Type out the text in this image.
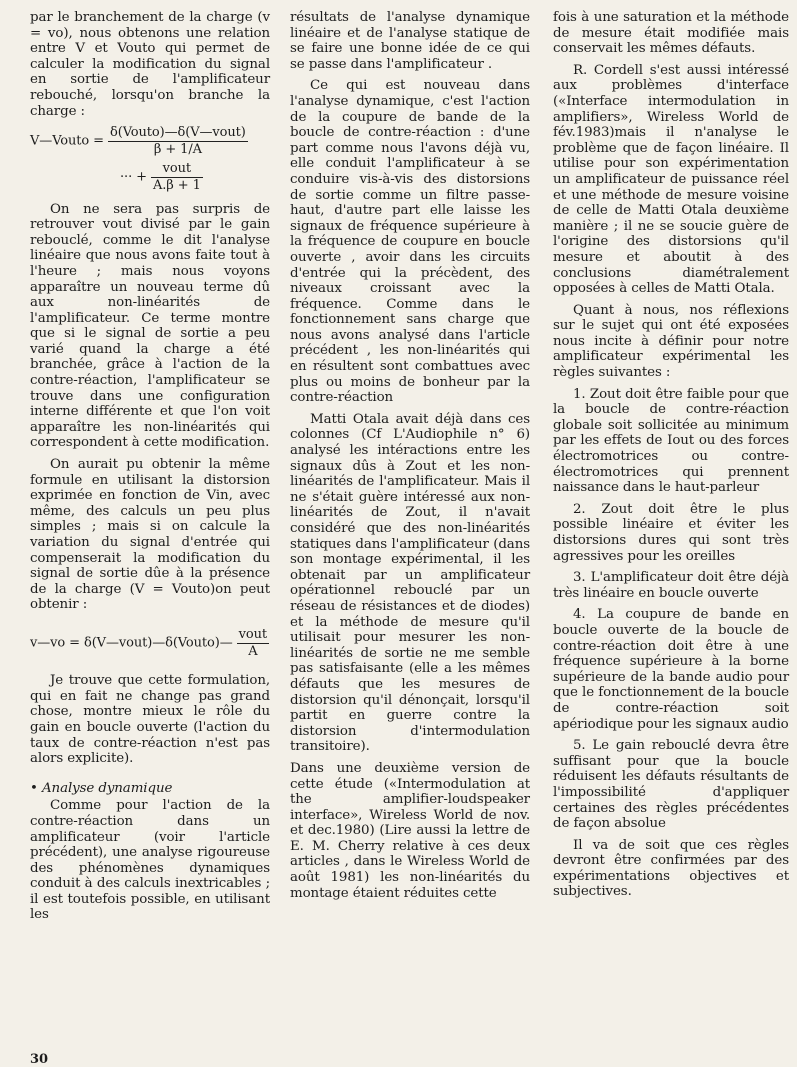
par le branchement de la charge (v = vo), nous obtenons une relation entre V et Vouto qui permet de calculer la modification du signal en sortie de l'amplificateur rebouché, lorsqu'on branche la charge :

V—Vouto = $\frac{\text{δ(Vouto)—δ(V—vout)}}{\beta + 1/A}$
··· + $\frac{\text{vout}}{A.\beta + 1}$

On ne sera pas surpris de retrouver vout divisé par le gain rebouclé, comme le dit l'analyse linéaire que nous avons faite tout à l'heure ; mais nous voyons apparaître un nouveau terme dû aux non-linéarités de l'amplificateur. Ce terme montre que si le signal de sortie a peu varié quand la charge a été branchée, grâce à l'action de la contre-réaction, l'amplificateur se trouve dans une configuration interne différente et que l'on voit apparaître les non-linéarités qui correspondent à cette modification.

On aurait pu obtenir la même formule en utilisant la distorsion exprimée en fonction de Vin, avec même, des calculs un peu plus simples ; mais si on calcule la variation du signal d'entrée qui compenserait la modification du signal de sortie dûe à la présence de la charge (V = Vouto)on peut obtenir :

v—vo = δ(V—vout)—δ(Vouto)— $\frac{\text{vout}}{A}$

Je trouve que cette formulation, qui en fait ne change pas grand chose, montre mieux le rôle du gain en boucle ouverte (l'action du taux de contre-réaction n'est pas alors explicite).

• Analyse dynamique

Comme pour l'action de la contre-réaction dans un amplificateur (voir l'article précédent), une analyse rigoureuse des phénomènes dynamiques conduit à des calculs inextricables ; il est toutefois possible, en utilisant les

résultats de l'analyse dynamique linéaire et de l'analyse statique de se faire une bonne idée de ce qui se passe dans l'amplificateur .

Ce qui est nouveau dans l'analyse dynamique, c'est l'action de la coupure de bande de la boucle de contre-réaction : d'une part comme nous l'avons déjà vu, elle conduit l'amplificateur à se conduire vis-à-vis des distorsions de sortie comme un filtre passe-haut, d'autre part elle laisse les signaux de fréquence supérieure à la fréquence de coupure en boucle ouverte , avoir dans les circuits d'entrée qui la précèdent, des niveaux croissant avec la fréquence. Comme dans le fonctionnement sans charge que nous avons analysé dans l'article précédent , les non-linéarités qui en résultent sont combattues avec plus ou moins de bonheur par la contre-réaction

Matti Otala avait déjà dans ces colonnes (Cf L'Audiophile n° 6) analysé les intéractions entre les signaux dûs à Zout et les non-linéarités de l'amplificateur. Mais il ne s'était guère intéressé aux non-linéarités de Zout, il n'avait considéré que des non-linéarités statiques dans l'amplificateur (dans son montage expérimental, il les obtenait par un amplificateur opérationnel rebouclé par un réseau de résistances et de diodes) et la méthode de mesure qu'il utilisait pour mesurer les non-linéarités de sortie ne me semble pas satisfaisante (elle a les mêmes défauts que les mesures de distorsion qu'il dénonçait, lorsqu'il partit en guerre contre la distorsion d'intermodulation transitoire).

Dans une deuxième version de cette étude («Intermodulation at the amplifier-loudspeaker interface», Wireless World de nov. et dec.1980) (Lire aussi la lettre de E. M. Cherry relative à ces deux articles , dans le Wireless World de août 1981) les non-linéarités du montage étaient réduites cette

fois à une saturation et la méthode de mesure était modifiée mais conservait les mêmes défauts.

R. Cordell s'est aussi intéressé aux problèmes d'interface («Interface intermodulation in amplifiers», Wireless World de fév.1983)mais il n'analyse le problème que de façon linéaire. Il utilise pour son expérimentation un amplificateur de puissance réel et une méthode de mesure voisine de celle de Matti Otala deuxième manière ; il ne se soucie guère de l'origine des distorsions qu'il mesure et aboutit à des conclusions diamétralement opposées à celles de Matti Otala.

Quant à nous, nos réflexions sur le sujet qui ont été exposées nous incite à définir pour notre amplificateur expérimental les règles suivantes :

1. Zout doit être faible pour que la boucle de contre-réaction globale soit sollicitée au minimum par les effets de Iout ou des forces électromotrices ou contre-électromotrices qui prennent naissance dans le haut-parleur

2. Zout doit être le plus possible linéaire et éviter les distorsions dures qui sont très agressives pour les oreilles

3. L'amplificateur doit être déjà très linéaire en boucle ouverte

4. La coupure de bande en boucle ouverte de la boucle de contre-réaction doit être à une fréquence supérieure à la borne supérieure de la bande audio pour que le fonctionnement de la boucle de contre-réaction soit apériodique pour les signaux audio

5. Le gain rebouclé devra être suffisant pour que la boucle réduisent les défauts résultants de l'impossibilité d'appliquer certaines des règles précédentes de façon absolue

Il va de soit que ces règles devront être confirmées par des expérimentations objectives et subjectives.

30
